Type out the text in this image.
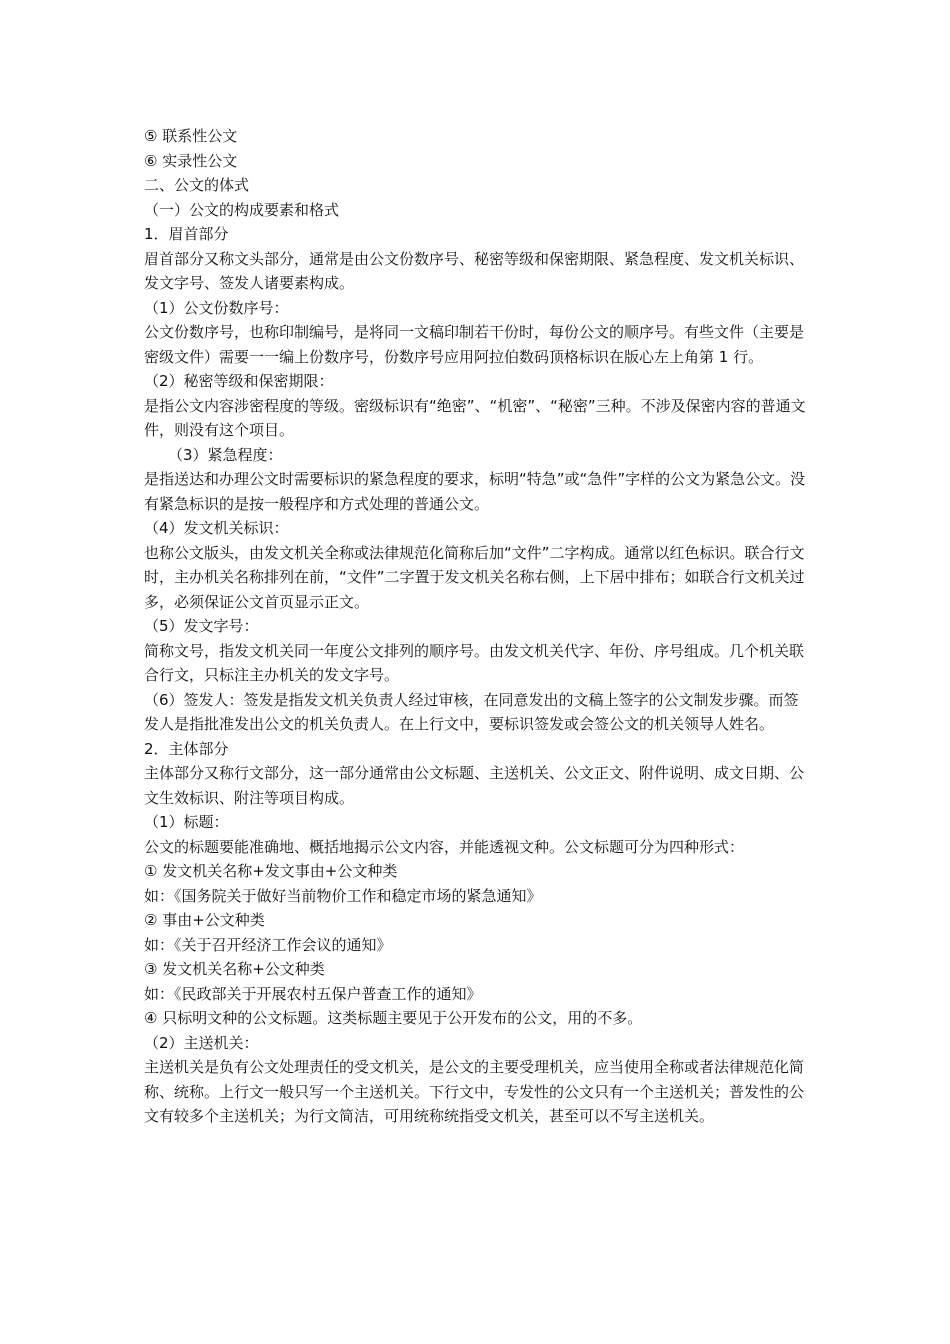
⑤ 联系性公文

⑥ 实录性公文

二、公文的体式

（一）公文的构成要素和格式

1．眉首部分

眉首部分又称文头部分，通常是由公文份数序号、秘密等级和保密期限、紧急程度、发文机关标识、发文字号、签发人诸要素构成。

（1）公文份数序号：

公文份数序号，也称印制编号，是将同一文稿印制若干份时，每份公文的顺序号。有些文件（主要是密级文件）需要一一编上份数序号，份数序号应用阿拉伯数码顶格标识在版心左上角第 1 行。

（2）秘密等级和保密期限：

是指公文内容涉密程度的等级。密级标识有“绝密”、“机密”、“秘密”三种。不涉及保密内容的普通文件，则没有这个项目。

（3）紧急程度：

是指送达和办理公文时需要标识的紧急程度的要求，标明“特急”或“急件”字样的公文为紧急公文。没有紧急标识的是按一般程序和方式处理的普通公文。

（4）发文机关标识：

也称公文版头，由发文机关全称或法律规范化简称后加“文件”二字构成。通常以红色标识。联合行文时，主办机关名称排列在前，“文件”二字置于发文机关名称右侧，上下居中排布；如联合行文机关过多，必须保证公文首页显示正文。

（5）发文字号：

简称文号，指发文机关同一年度公文排列的顺序号。由发文机关代字、年份、序号组成。几个机关联合行文，只标注主办机关的发文字号。

（6）签发人：签发是指发文机关负责人经过审核，在同意发出的文稿上签字的公文制发步骤。而签发人是指批准发出公文的机关负责人。在上行文中，要标识签发或会签公文的机关领导人姓名。

2．主体部分

主体部分又称行文部分，这一部分通常由公文标题、主送机关、公文正文、附件说明、成文日期、公文生效标识、附注等项目构成。

（1）标题：

公文的标题要能准确地、概括地揭示公文内容，并能透视文种。公文标题可分为四种形式：

① 发文机关名称+发文事由+公文种类

如：《国务院关于做好当前物价工作和稳定市场的紧急通知》

② 事由+公文种类

如：《关于召开经济工作会议的通知》

③ 发文机关名称+公文种类

如：《民政部关于开展农村五保户普查工作的通知》

④ 只标明文种的公文标题。这类标题主要见于公开发布的公文，用的不多。

（2）主送机关：

主送机关是负有公文处理责任的受文机关，是公文的主要受理机关，应当使用全称或者法律规范化简称、统称。上行文一般只写一个主送机关。下行文中，专发性的公文只有一个主送机关；普发性的公文有较多个主送机关；为行文简洁，可用统称统指受文机关，甚至可以不写主送机关。
